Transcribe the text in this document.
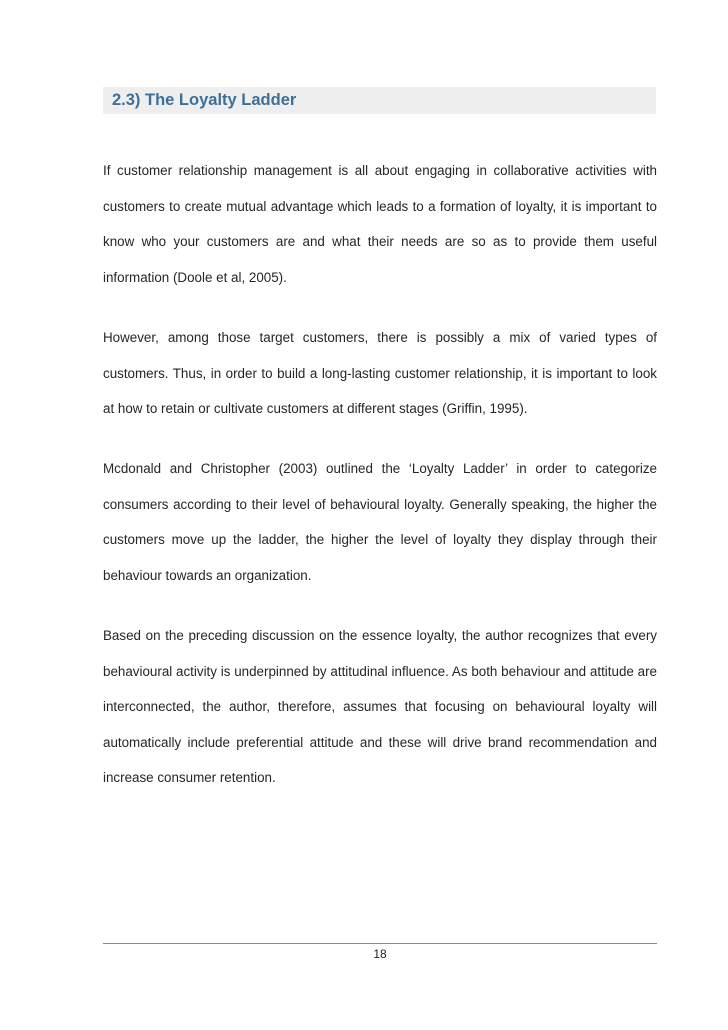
2.3) The Loyalty Ladder

If customer relationship management is all about engaging in collaborative activities with customers to create mutual advantage which leads to a formation of loyalty, it is important to know who your customers are and what their needs are so as to provide them useful information (Doole et al, 2005).

However, among those target customers, there is possibly a mix of varied types of customers. Thus, in order to build a long-lasting customer relationship, it is important to look at how to retain or cultivate customers at different stages (Griffin, 1995).

Mcdonald and Christopher (2003) outlined the ‘Loyalty Ladder’ in order to categorize consumers according to their level of behavioural loyalty. Generally speaking, the higher the customers move up the ladder, the higher the level of loyalty they display through their behaviour towards an organization.

Based on the preceding discussion on the essence loyalty, the author recognizes that every behavioural activity is underpinned by attitudinal influence. As both behaviour and attitude are interconnected, the author, therefore, assumes that focusing on behavioural loyalty will automatically include preferential attitude and these will drive brand recommendation and increase consumer retention.

18
